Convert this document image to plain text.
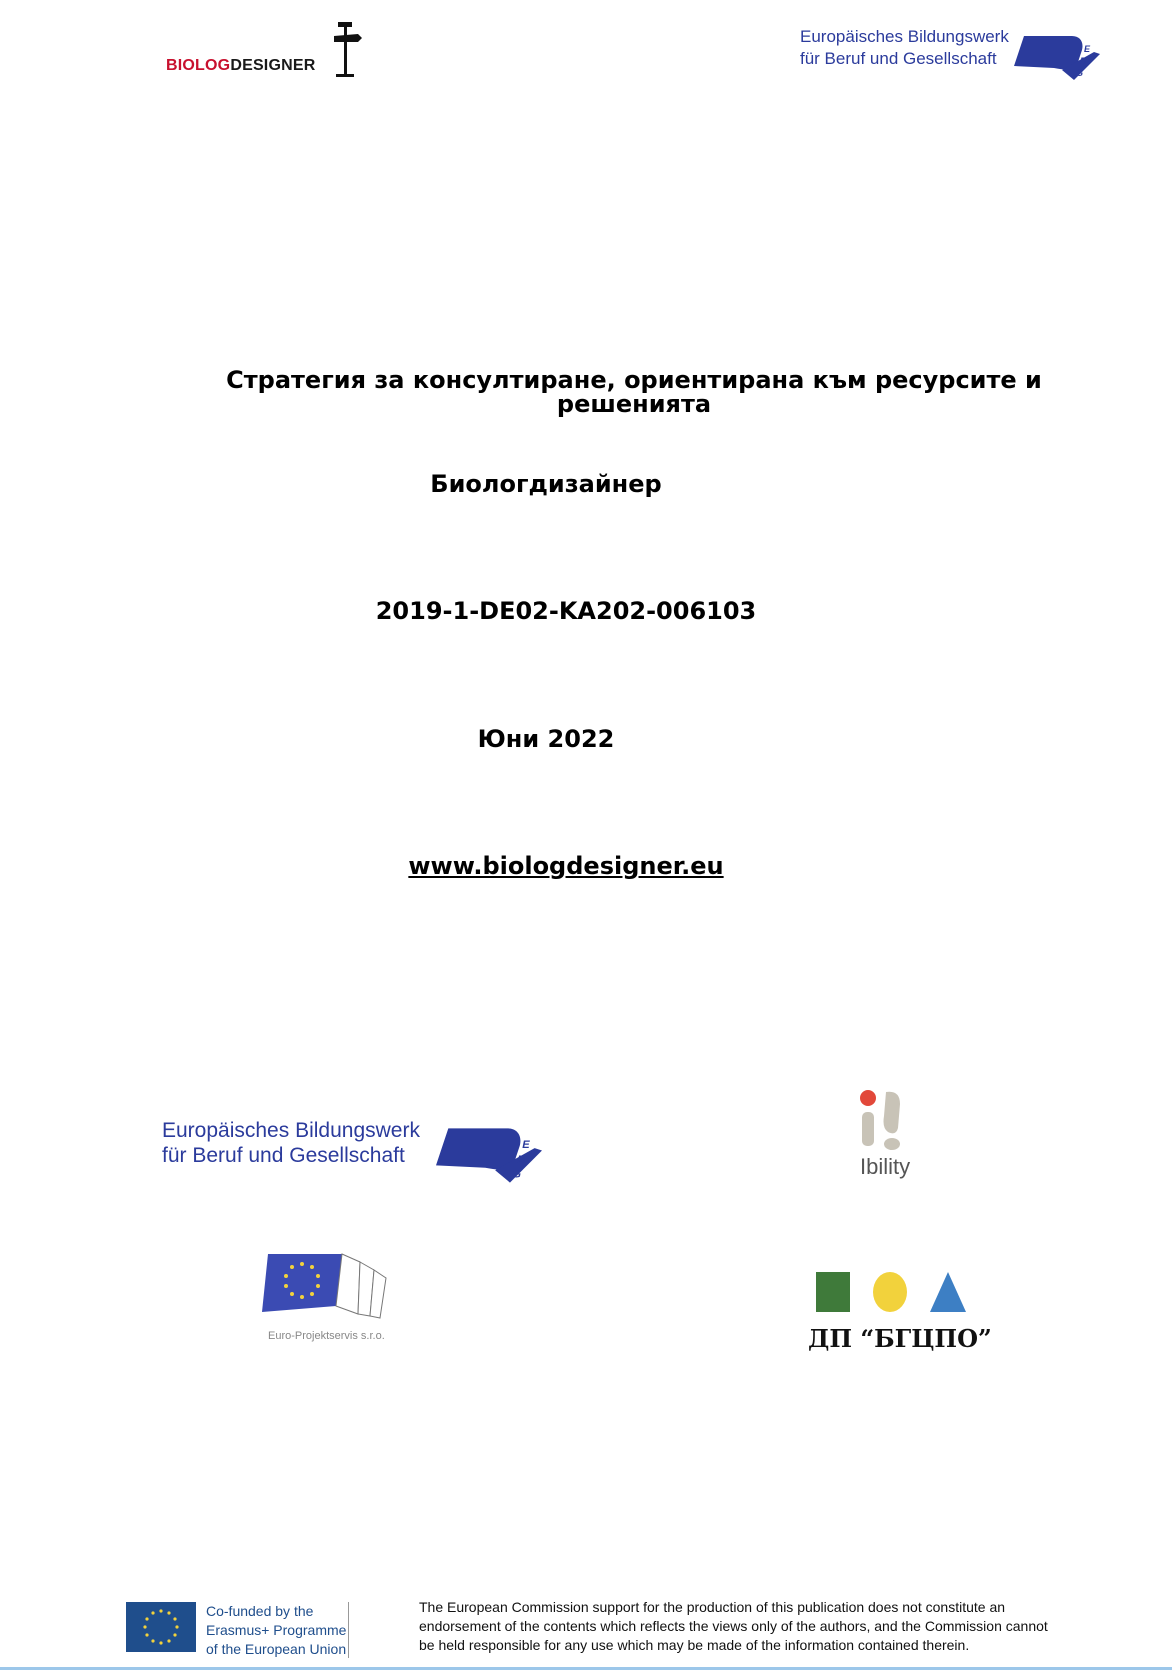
BIOLOGDESIGNER
Europäisches Bildungswerk
für Beruf und Gesellschaft	E
B
G
Стратегия за консултиране, ориентирана към ресурсите и
решенията
Биологдизайнер
2019-1-DE02-KA202-006103
Юни 2022
www.biologdesigner.eu
Europäisches Bildungswerk
für Beruf und Gesellschaft	E
B
G	Ibility
Euro-Projektservis s.r.o.	ДП “БГЦПО”
Co-funded by the
Erasmus+ Programme
of the European Union
The European Commission support for the production of this publication does not constitute an endorsement of the contents which reflects the views only of the authors, and the Commission cannot be held responsible for any use which may be made of the information contained therein.
